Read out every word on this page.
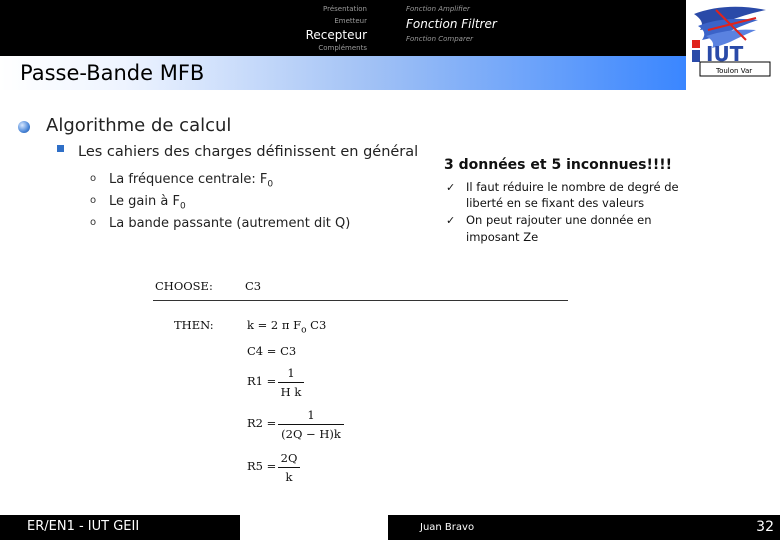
Présentation
Emetteur
Recepteur
Compléments
Fonction Amplifier
Fonction Filtrer
Fonction Comparer
IUT
Toulon Var
Passe-Bande MFB
Algorithme de calcul
Les cahiers des charges définissent en général
o La fréquence centrale: $F_0$
o Le gain à $F_0$
o La bande passante (autrement dit Q)
3 données et 5 inconnues!!!!
✓ Il faut réduire le nombre de degré de
liberté en se fixant des valeurs
✓ On peut rajouter une donnée en
imposant Ze
CHOOSE:	C3
THEN:	k = 2 π $F_o$ C3
C4 = C3
R1 =
1
H k
R2 =
1
(2Q − H)k
R5 =
2Q
k
ER/EN1 - IUT GEII	Juan Bravo	32
